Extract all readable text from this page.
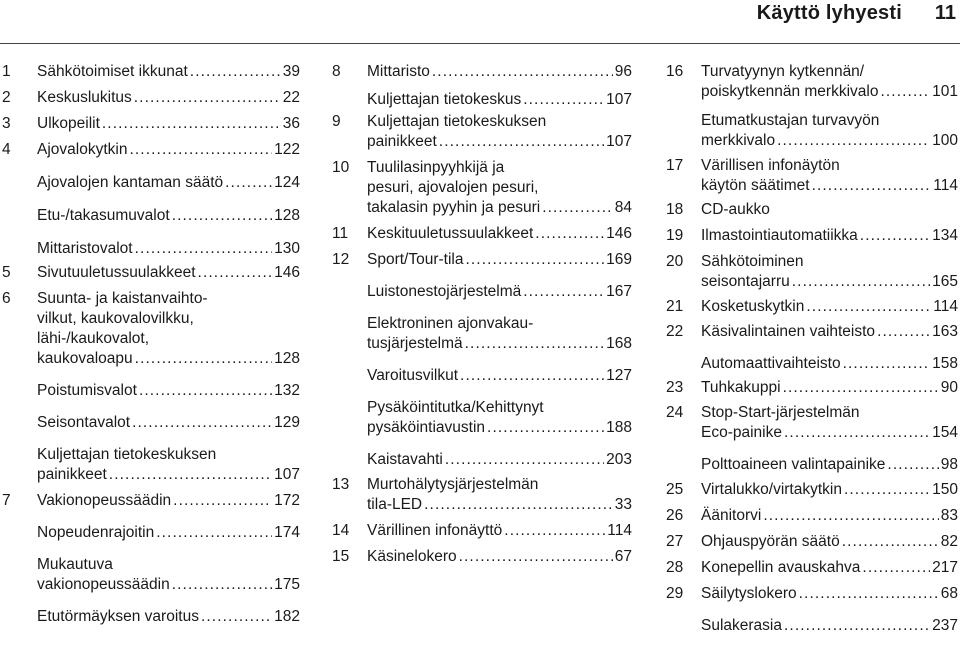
Käyttö lyhyesti 11
1	Sähkötoimiset ikkunat . . .	39
2	Keskuslukitus . . .	22
3	Ulkopeilit . . .	36
4	Ajovalokytkin . . .	122
Ajovalojen kantaman säätö . . .	124
Etu-/takasumuvalot . . .	128
Mittaristovalot . . .	130
5	Sivutuuletussuulakkeet . . .	146
6	Suunta- ja kaistanvaihto-
vilkut, kaukovalovilkku,
lähi-/kaukovalot,
kaukovaloapu . . .	128
Poistumisvalot . . .	132
Seisontavalot . . .	129
Kuljettajan tietokeskuksen
painikkeet . . .	107
7	Vakionopeussäädin . . .	172
Nopeudenrajoitin . . .	174
Mukautuva
vakionopeussäädin . . .	175
Etutörmäyksen varoitus . . .	182
8	Mittaristo . . .	96
Kuljettajan tietokeskus . . .	107
9	Kuljettajan tietokeskuksen
painikkeet . . .	107
10	Tuulilasinpyyhkijä ja
pesuri, ajovalojen pesuri,
takalasin pyyhin ja pesuri . . .	84
11	Keskituuletussuulakkeet . . .	146
12	Sport/Tour-tila . . .	169
Luistonestojärjestelmä . . .	167
Elektroninen ajonvakau-
tusjärjestelmä . . .	168
Varoitusvilkut . . .	127
Pysäköintitutka/Kehittynyt
pysäköintiavustin . . .	188
Kaistavahti . . .	203
13	Murtohälytysjärjestelmän
tila-LED . . .	33
14	Värillinen infonäyttö . . .	114
15	Käsinelokero . . .	67
16	Turvatyynyn kytkennän/
poiskytkennän merkkivalo . . .	101
Etumatkustajan turvavyön
merkkivalo . . .	100
17	Värillisen infonäytön
käytön säätimet . . .	114
18	CD-aukko
19	Ilmastointiautomatiikka . . .	134
20	Sähkötoiminen
seisontajarru . . .	165
21	Kosketuskytkin . . .	114
22	Käsivalintainen vaihteisto . . .	163
Automaattivaihteisto . . .	158
23	Tuhkakuppi . . .	90
24	Stop-Start-järjestelmän
Eco-painike . . .	154
Polttoaineen valintapainike . . .	98
25	Virtalukko/virtakytkin . . .	150
26	Äänitorvi . . .	83
27	Ohjauspyörän säätö . . .	82
28	Konepellin avauskahva . . .	217
29	Säilytyslokero . . .	68
Sulakerasia . . .	237
